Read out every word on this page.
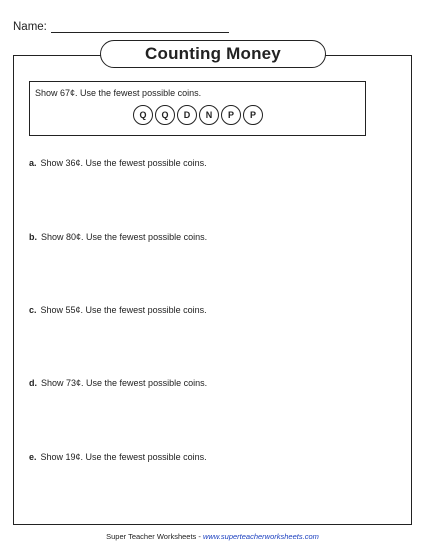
Name:
Counting Money
Show 67¢. Use the fewest possible coins.
Q	Q	D	N	P	P
a. Show 36¢. Use the fewest possible coins.
b. Show 80¢. Use the fewest possible coins.
c. Show 55¢. Use the fewest possible coins.
d. Show 73¢. Use the fewest possible coins.
e. Show 19¢. Use the fewest possible coins.
Super Teacher Worksheets - www.superteacherworksheets.com
